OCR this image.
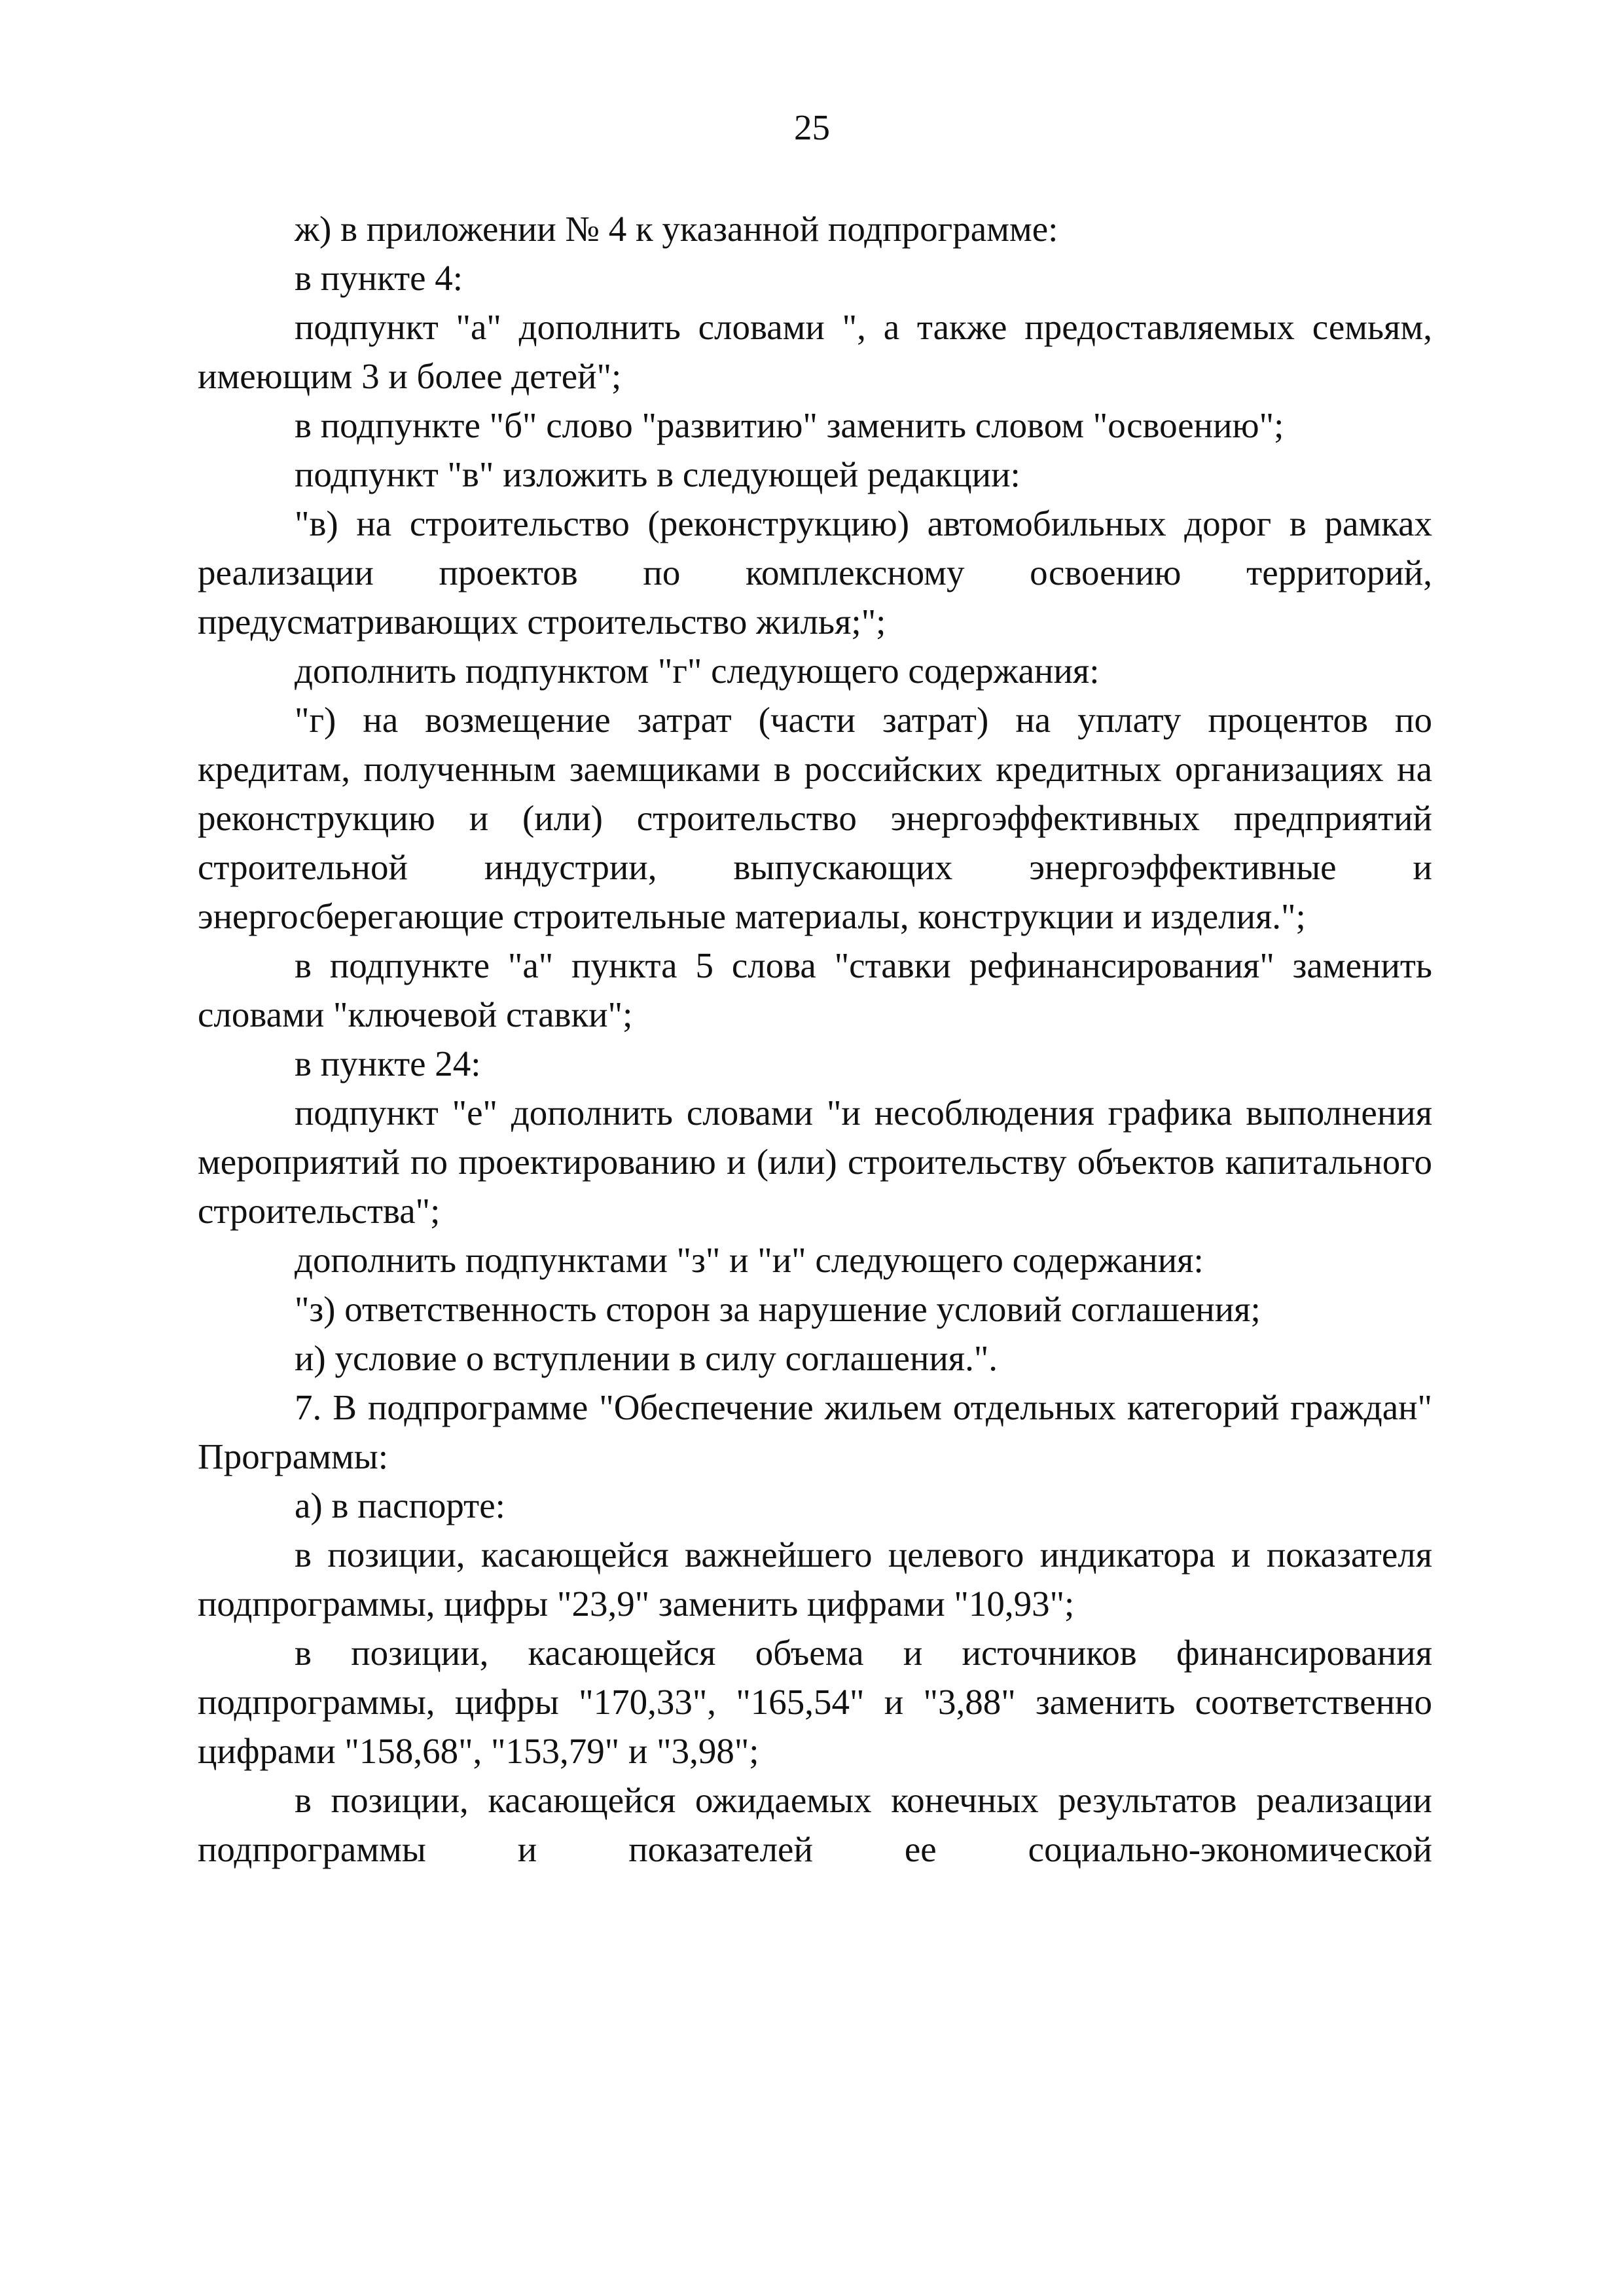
25

ж) в приложении № 4 к указанной подпрограмме:

в пункте 4:

подпункт "а" дополнить словами ", а также предоставляемых семьям, имеющим 3 и более детей";

в подпункте "б" слово "развитию" заменить словом "освоению";

подпункт "в" изложить в следующей редакции:

"в) на строительство (реконструкцию) автомобильных дорог в рамках реализации проектов по комплексному освоению территорий, предусматривающих строительство жилья;";

дополнить подпунктом "г" следующего содержания:

"г) на возмещение затрат (части затрат) на уплату процентов по кредитам, полученным заемщиками в российских кредитных организациях на реконструкцию и (или) строительство энергоэффективных предприятий строительной индустрии, выпускающих энергоэффективные и энергосберегающие строительные материалы, конструкции и изделия.";

в подпункте "а" пункта 5 слова "ставки рефинансирования" заменить словами "ключевой ставки";

в пункте 24:

подпункт "е" дополнить словами "и несоблюдения графика выполнения мероприятий по проектированию и (или) строительству объектов капитального строительства";

дополнить подпунктами "з" и "и" следующего содержания:

"з) ответственность сторон за нарушение условий соглашения;

и) условие о вступлении в силу соглашения.".

7. В подпрограмме "Обеспечение жильем отдельных категорий граждан" Программы:

а) в паспорте:

в позиции, касающейся важнейшего целевого индикатора и показателя подпрограммы, цифры "23,9" заменить цифрами "10,93";

в позиции, касающейся объема и источников финансирования подпрограммы, цифры "170,33", "165,54" и "3,88" заменить соответственно цифрами "158,68", "153,79" и "3,98";

в позиции, касающейся ожидаемых конечных результатов реализации подпрограммы и показателей ее социально-экономической
